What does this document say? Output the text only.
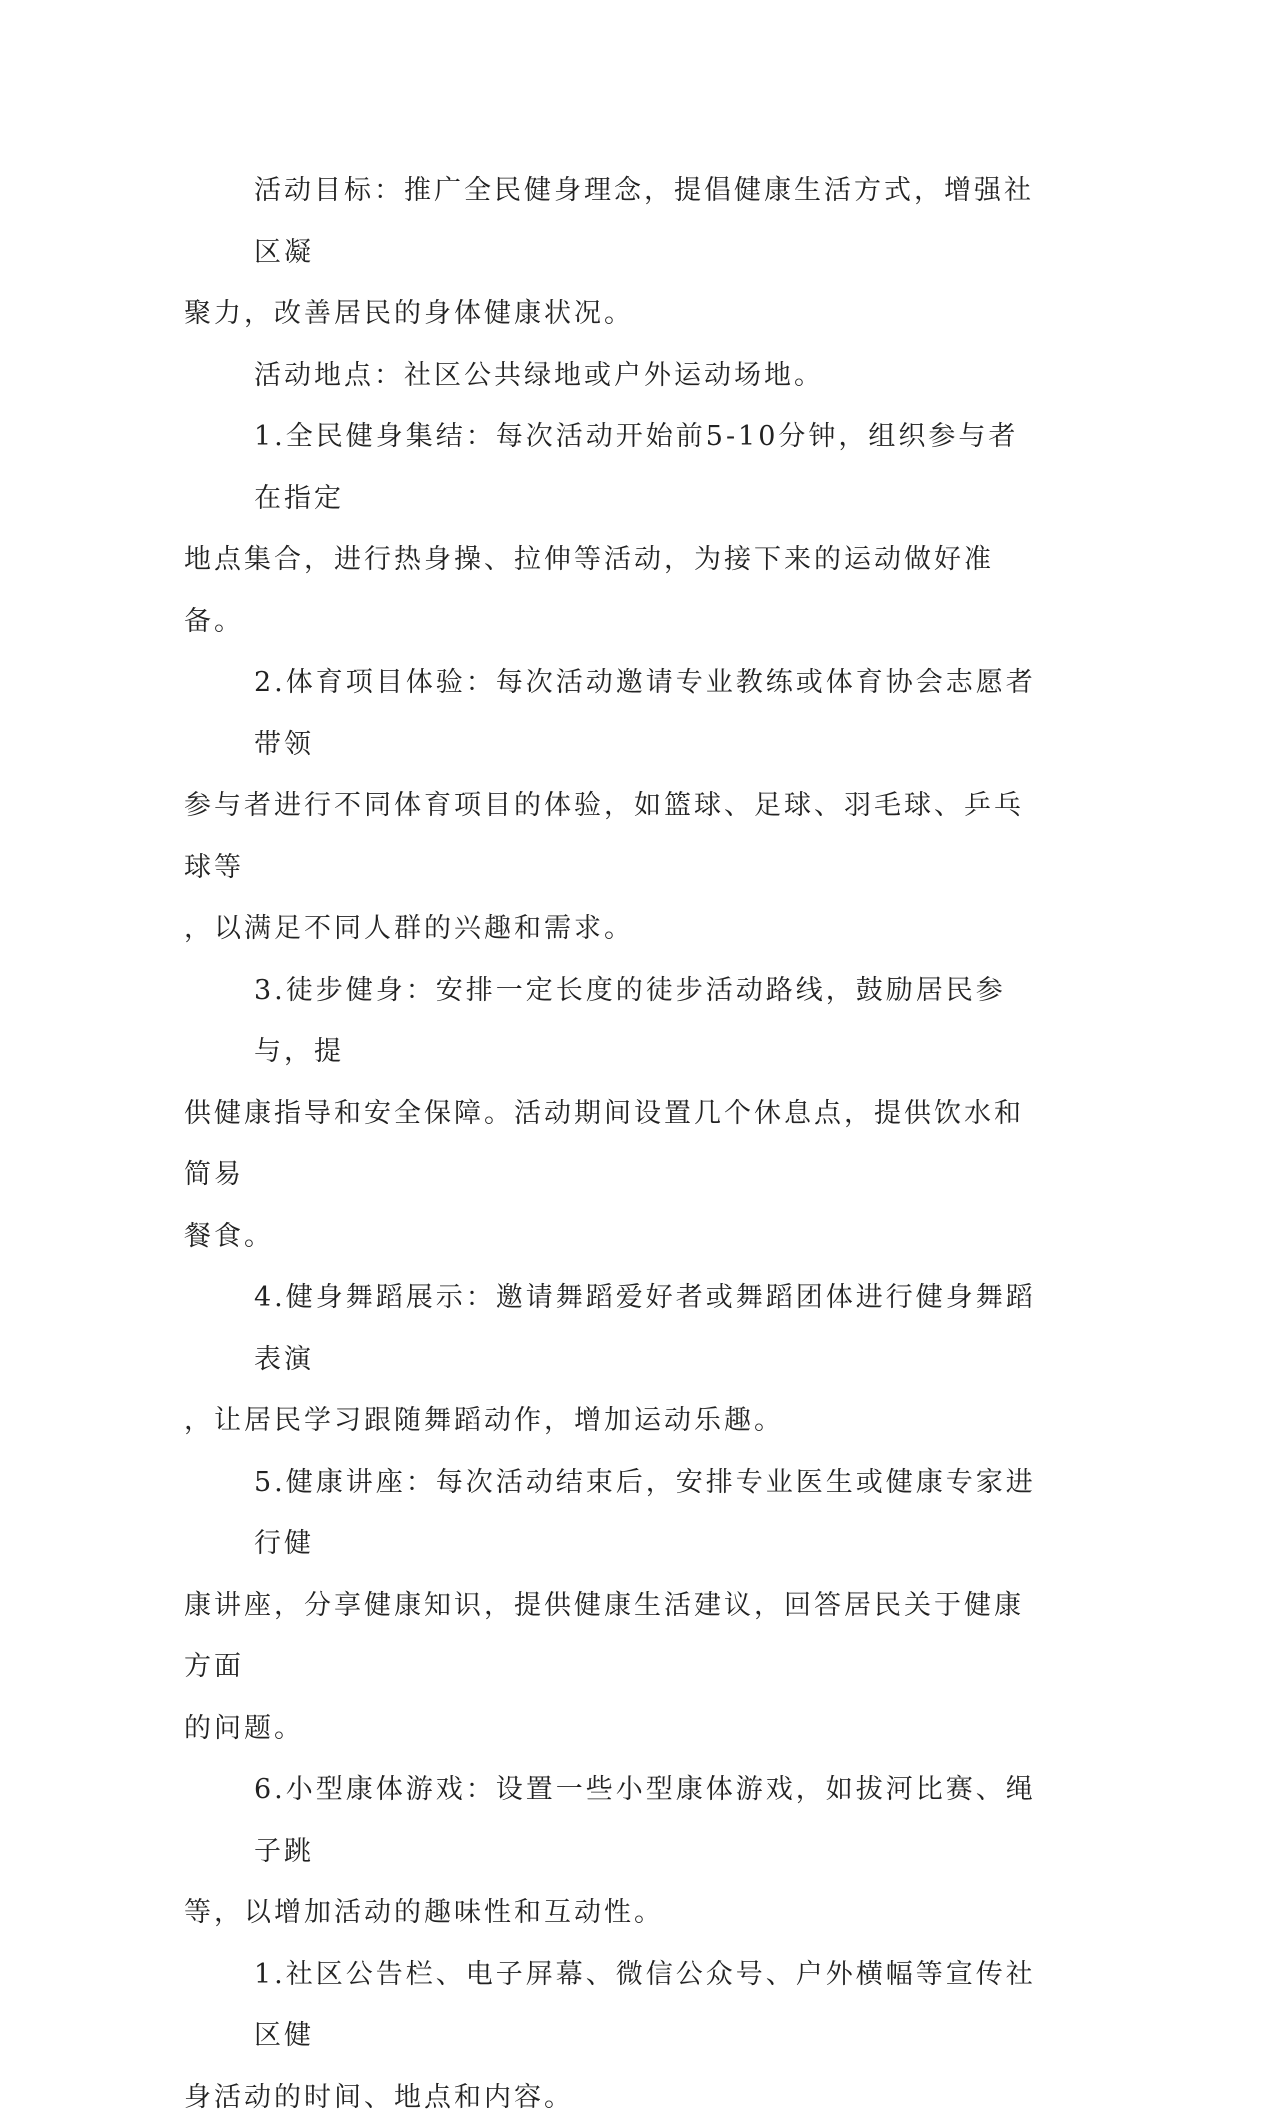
活动目标：推广全民健身理念，提倡健康生活方式，增强社区凝
聚力，改善居民的身体健康状况。

活动地点：社区公共绿地或户外运动场地。

1.全民健身集结：每次活动开始前5-10分钟，组织参与者在指定
地点集合，进行热身操、拉伸等活动，为接下来的运动做好准备。

2.体育项目体验：每次活动邀请专业教练或体育协会志愿者带领
参与者进行不同体育项目的体验，如篮球、足球、羽毛球、乒乓球等
，以满足不同人群的兴趣和需求。

3.徒步健身：安排一定长度的徒步活动路线，鼓励居民参与，提
供健康指导和安全保障。活动期间设置几个休息点，提供饮水和简易
餐食。

4.健身舞蹈展示：邀请舞蹈爱好者或舞蹈团体进行健身舞蹈表演
，让居民学习跟随舞蹈动作，增加运动乐趣。

5.健康讲座：每次活动结束后，安排专业医生或健康专家进行健
康讲座，分享健康知识，提供健康生活建议，回答居民关于健康方面
的问题。

6.小型康体游戏：设置一些小型康体游戏，如拔河比赛、绳子跳
等，以增加活动的趣味性和互动性。

1.社区公告栏、电子屏幕、微信公众号、户外横幅等宣传社区健
身活动的时间、地点和内容。
